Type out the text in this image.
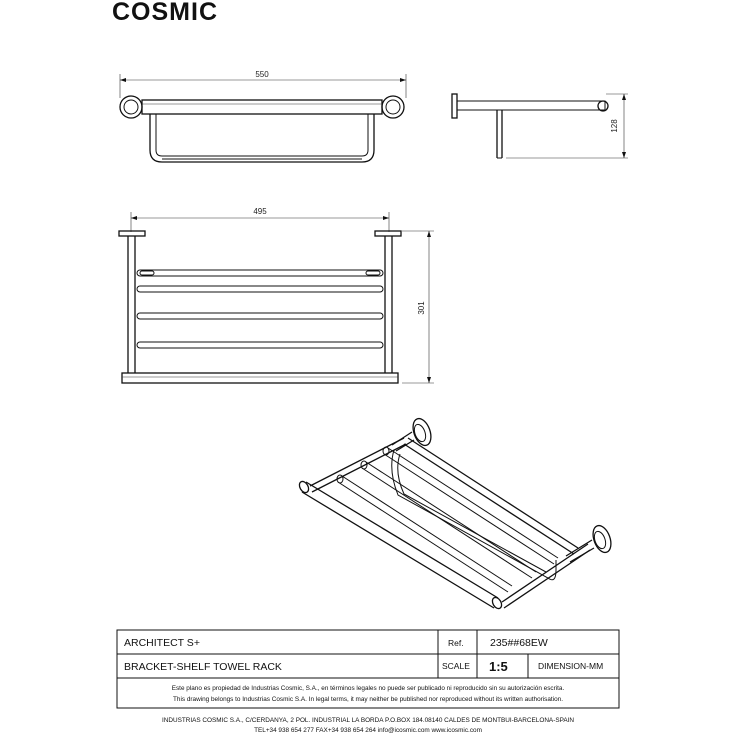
COSMIC
550
128
495
301
ARCHITECT S+	Ref.	235##68EW
BRACKET-SHELF TOWEL RACK	SCALE 1:5	DIMENSION-MM
Este plano es propiedad de Industrias Cosmic, S.A., en términos legales no puede ser publicado ni reproducido sin su autorización escrita.
This drawing belongs to Industrias Cosmic S.A. In legal terms, it may neither be published nor reproduced without its written authorisation.
INDUSTRIAS COSMIC S.A., C/CERDANYA, 2 POL. INDUSTRIAL LA BORDA P.O.BOX 184.08140 CALDES DE MONTBUI-BARCELONA-SPAIN
TEL+34 938 654 277 FAX+34 938 654 264 info@icosmic.com www.icosmic.com
